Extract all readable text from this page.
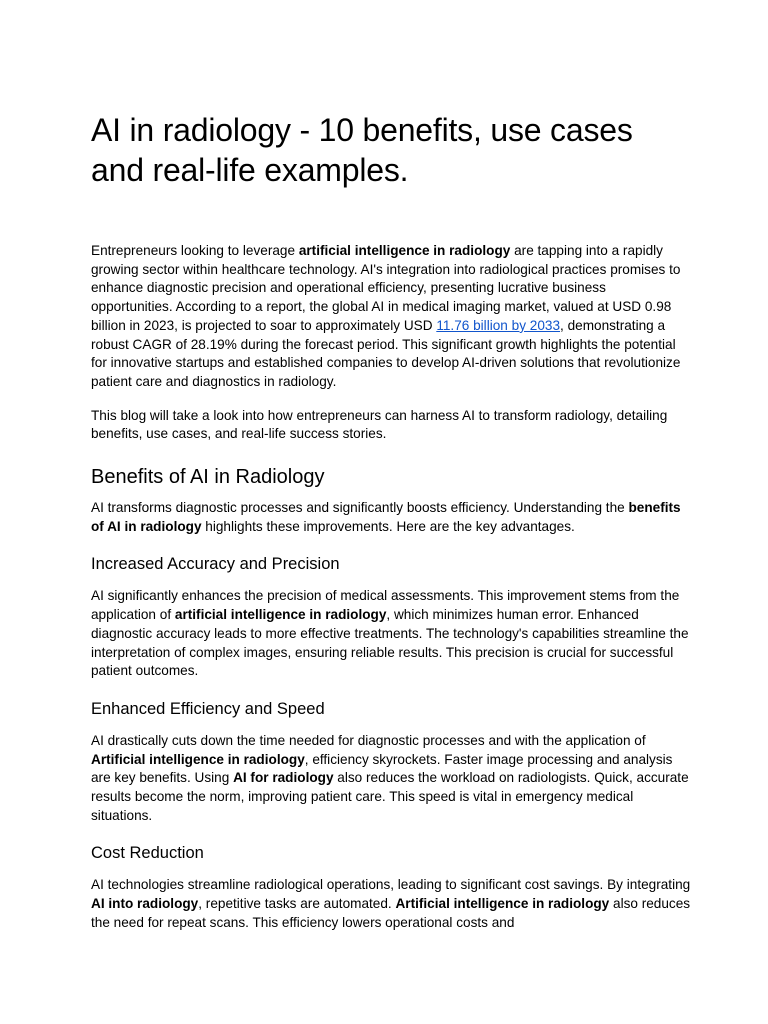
AI in radiology - 10 benefits, use cases and real-life examples.

Entrepreneurs looking to leverage artificial intelligence in radiology are tapping into a rapidly growing sector within healthcare technology. AI's integration into radiological practices promises to enhance diagnostic precision and operational efficiency, presenting lucrative business opportunities. According to a report, the global AI in medical imaging market, valued at USD 0.98 billion in 2023, is projected to soar to approximately USD 11.76 billion by 2033, demonstrating a robust CAGR of 28.19% during the forecast period. This significant growth highlights the potential for innovative startups and established companies to develop AI-driven solutions that revolutionize patient care and diagnostics in radiology.

This blog will take a look into how entrepreneurs can harness AI to transform radiology, detailing benefits, use cases, and real-life success stories.

Benefits of AI in Radiology

AI transforms diagnostic processes and significantly boosts efficiency. Understanding the benefits of AI in radiology highlights these improvements. Here are the key advantages.

Increased Accuracy and Precision

AI significantly enhances the precision of medical assessments. This improvement stems from the application of artificial intelligence in radiology, which minimizes human error. Enhanced diagnostic accuracy leads to more effective treatments. The technology's capabilities streamline the interpretation of complex images, ensuring reliable results. This precision is crucial for successful patient outcomes.

Enhanced Efficiency and Speed

AI drastically cuts down the time needed for diagnostic processes and with the application of Artificial intelligence in radiology, efficiency skyrockets. Faster image processing and analysis are key benefits. Using AI for radiology also reduces the workload on radiologists. Quick, accurate results become the norm, improving patient care. This speed is vital in emergency medical situations.

Cost Reduction

AI technologies streamline radiological operations, leading to significant cost savings. By integrating AI into radiology, repetitive tasks are automated. Artificial intelligence in radiology also reduces the need for repeat scans. This efficiency lowers operational costs and
